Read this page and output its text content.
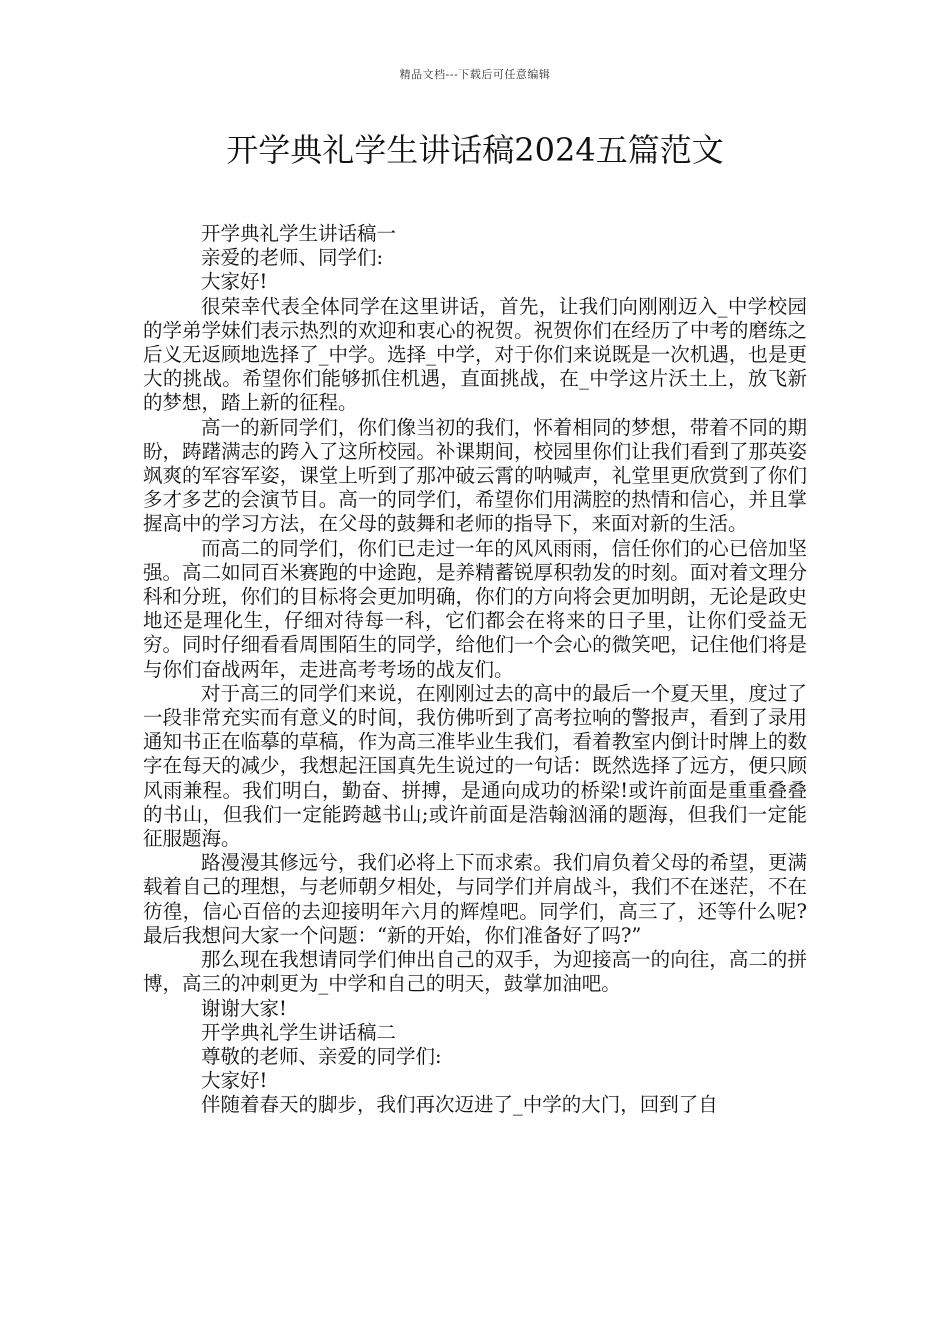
精品文档---下载后可任意编辑
开学典礼学生讲话稿2024五篇范文

开学典礼学生讲话稿一

亲爱的老师、同学们:

大家好!

很荣幸代表全体同学在这里讲话，首先，让我们向刚刚迈入_中学校园的学弟学妹们表示热烈的欢迎和衷心的祝贺。祝贺你们在经历了中考的磨练之后义无返顾地选择了_中学。选择_中学，对于你们来说既是一次机遇，也是更大的挑战。希望你们能够抓住机遇，直面挑战，在_中学这片沃土上，放飞新的梦想，踏上新的征程。

高一的新同学们，你们像当初的我们，怀着相同的梦想，带着不同的期盼，踌躇满志的跨入了这所校园。补课期间，校园里你们让我们看到了那英姿飒爽的军容军姿，课堂上听到了那冲破云霄的呐喊声，礼堂里更欣赏到了你们多才多艺的会演节目。高一的同学们，希望你们用满腔的热情和信心，并且掌握高中的学习方法，在父母的鼓舞和老师的指导下，来面对新的生活。

而高二的同学们，你们已走过一年的风风雨雨，信任你们的心已倍加坚强。高二如同百米赛跑的中途跑，是养精蓄锐厚积勃发的时刻。面对着文理分科和分班，你们的目标将会更加明确，你们的方向将会更加明朗，无论是政史地还是理化生，仔细对待每一科，它们都会在将来的日子里，让你们受益无穷。同时仔细看看周围陌生的同学，给他们一个会心的微笑吧，记住他们将是与你们奋战两年，走进高考考场的战友们。

对于高三的同学们来说，在刚刚过去的高中的最后一个夏天里，度过了一段非常充实而有意义的时间，我仿佛听到了高考拉响的警报声，看到了录用通知书正在临摹的草稿，作为高三准毕业生我们，看着教室内倒计时牌上的数字在每天的减少，我想起汪国真先生说过的一句话：既然选择了远方，便只顾风雨兼程。我们明白，勤奋、拼搏，是通向成功的桥梁!或许前面是重重叠叠的书山，但我们一定能跨越书山;或许前面是浩翰汹涌的题海，但我们一定能征服题海。

路漫漫其修远兮，我们必将上下而求索。我们肩负着父母的希望，更满载着自己的理想，与老师朝夕相处，与同学们并肩战斗，我们不在迷茫，不在彷徨，信心百倍的去迎接明年六月的辉煌吧。同学们，高三了，还等什么呢?最后我想问大家一个问题：“新的开始，你们准备好了吗?”

那么现在我想请同学们伸出自己的双手，为迎接高一的向往，高二的拼博，高三的冲刺更为_中学和自己的明天，鼓掌加油吧。

谢谢大家!

开学典礼学生讲话稿二

尊敬的老师、亲爱的同学们:

大家好!

伴随着春天的脚步，我们再次迈进了_中学的大门，回到了自
